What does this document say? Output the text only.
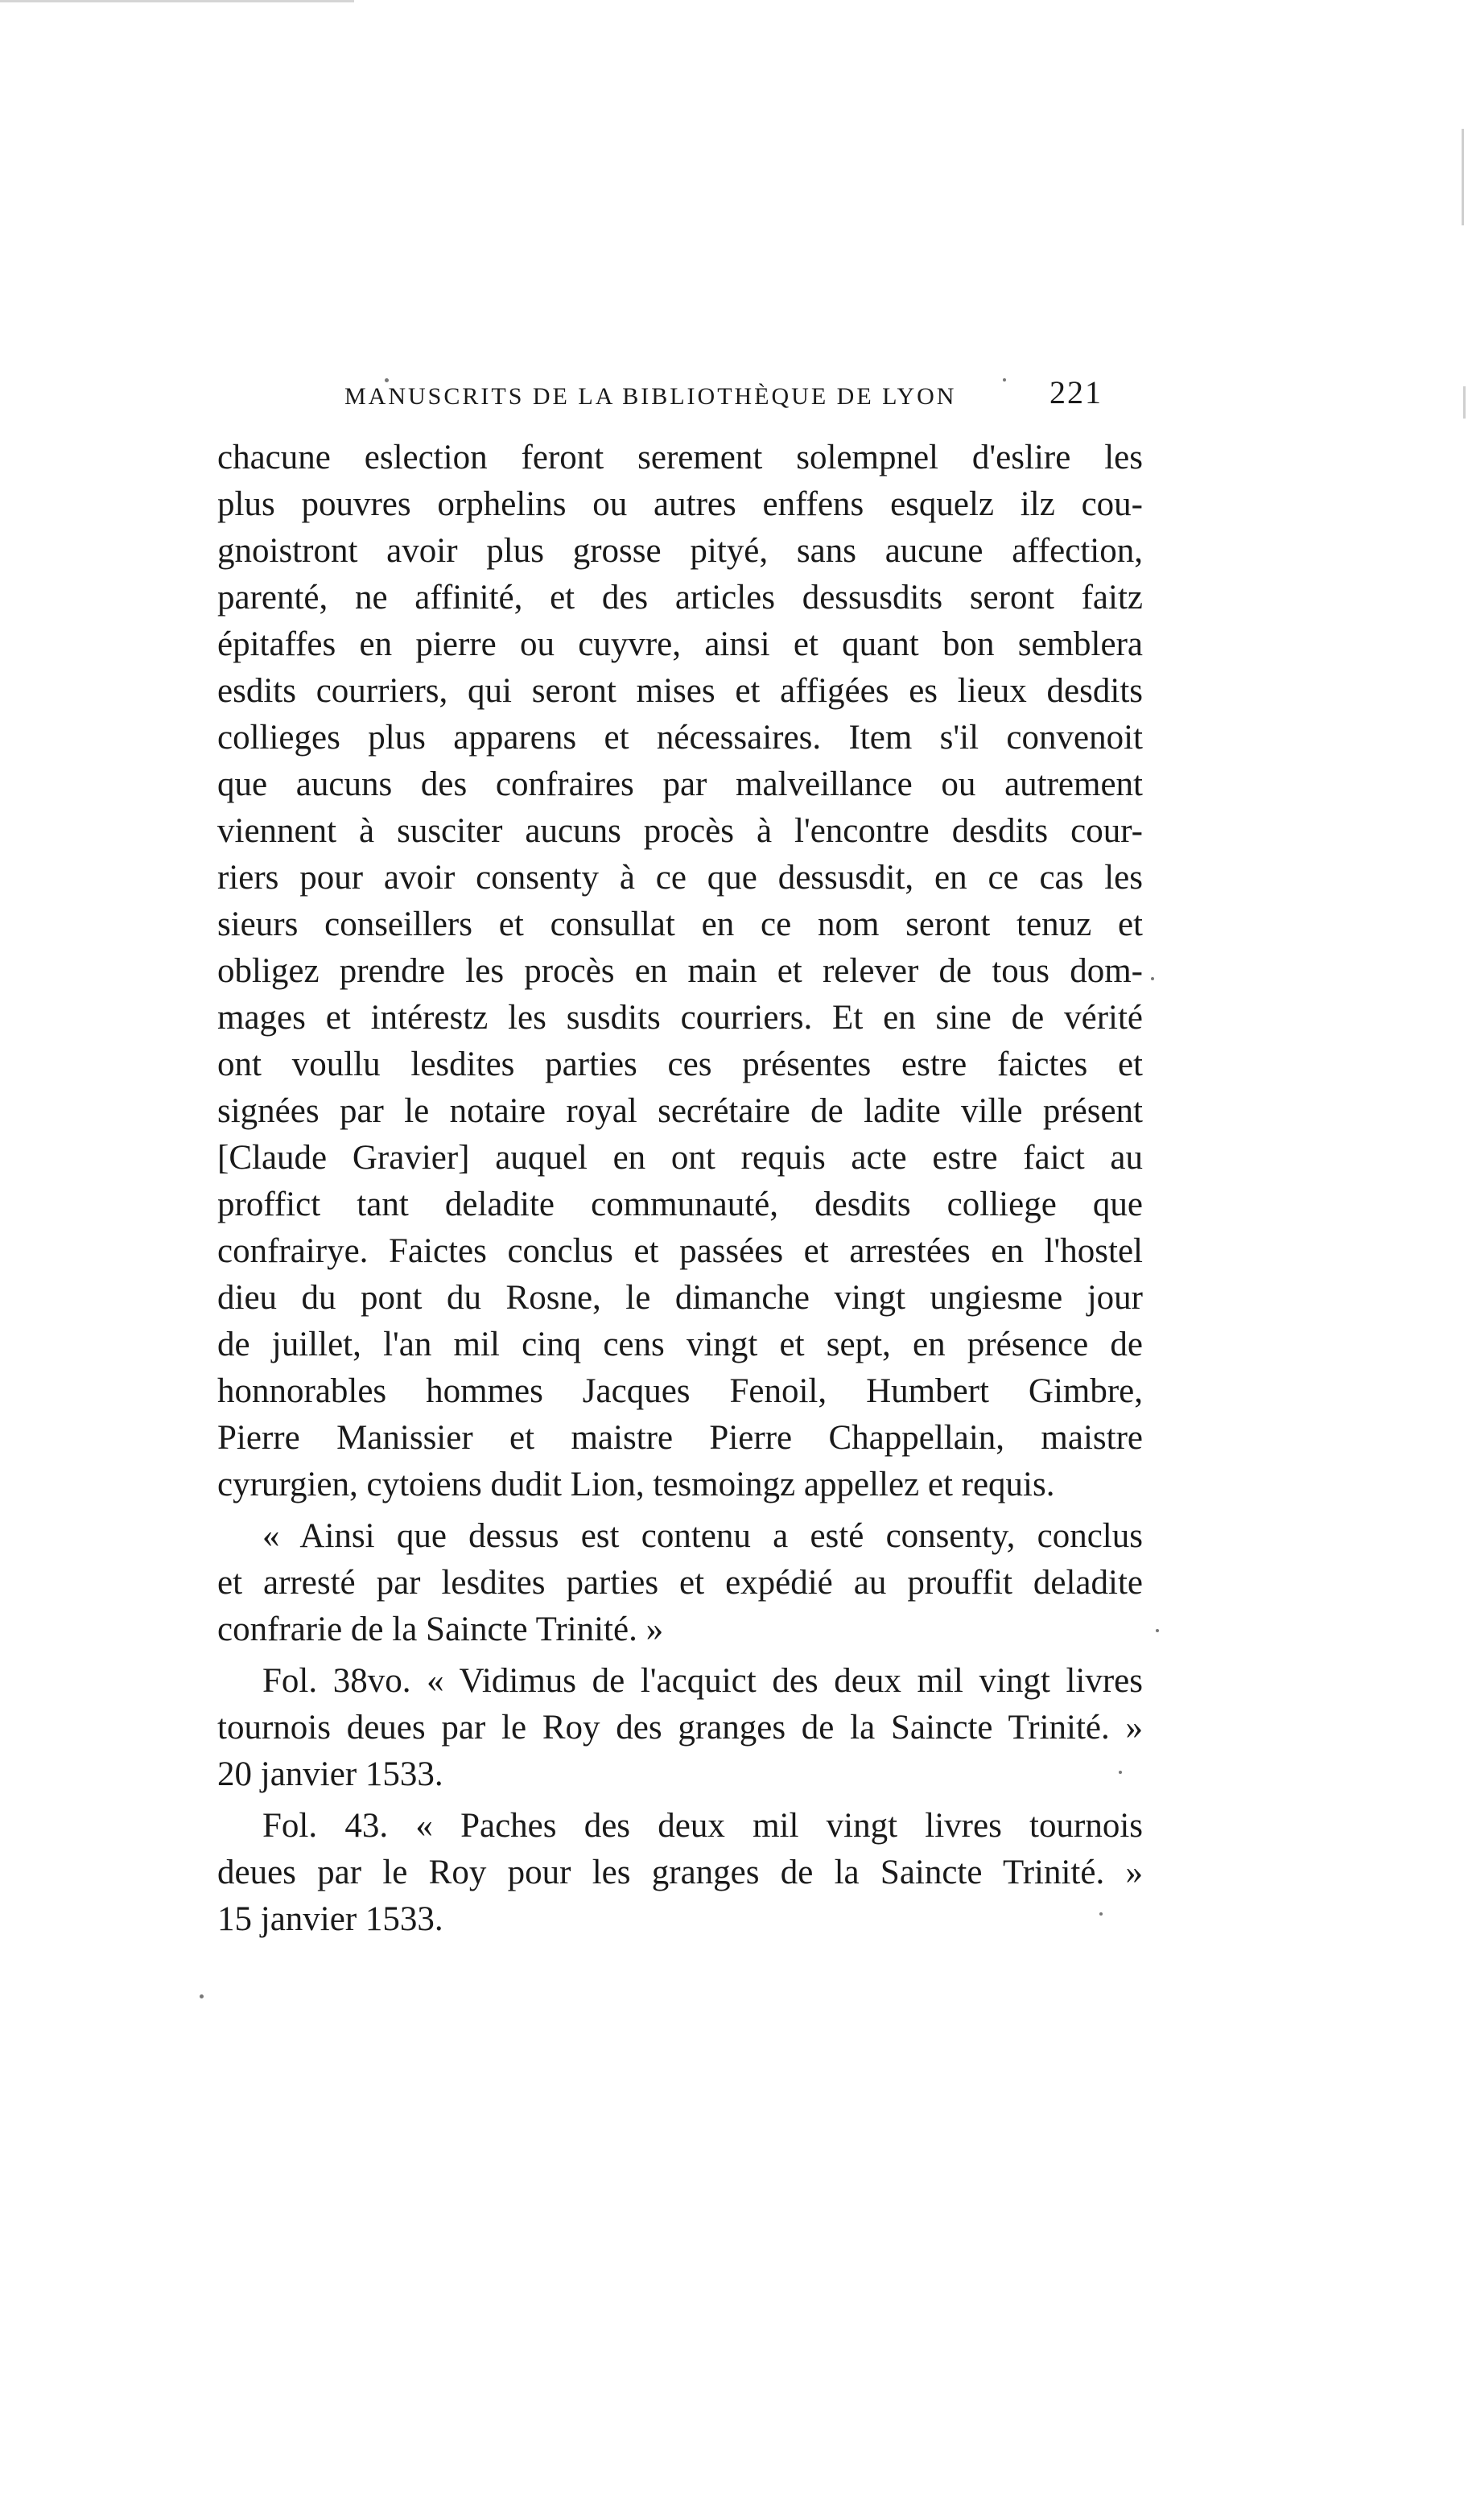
MANUSCRITS DE LA BIBLIOTHÈQUE DE LYON	221
chacune eslection feront serement solempnel d'eslire les
plus pouvres orphelins ou autres enffens esquelz ilz cou-
gnoistront avoir plus grosse pityé, sans aucune affection,
parenté, ne affinité, et des articles dessusdits seront faitz
épitaffes en pierre ou cuyvre, ainsi et quant bon semblera
esdits courriers, qui seront mises et affigées es lieux desdits
collieges plus apparens et nécessaires. Item s'il convenoit
que aucuns des confraires par malveillance ou autrement
viennent à susciter aucuns procès à l'encontre desdits cour-
riers pour avoir consenty à ce que dessusdit, en ce cas les
sieurs conseillers et consullat en ce nom seront tenuz et
obligez prendre les procès en main et relever de tous dom-
mages et intérestz les susdits courriers. Et en sine de vérité
ont voullu lesdites parties ces présentes estre faictes et
signées par le notaire royal secrétaire de ladite ville présent
[Claude Gravier] auquel en ont requis acte estre faict au
proffict tant deladite communauté, desdits colliege que
confrairye. Faictes conclus et passées et arrestées en l'hostel
dieu du pont du Rosne, le dimanche vingt ungiesme jour
de juillet, l'an mil cinq cens vingt et sept, en présence de
honnorables hommes Jacques Fenoil, Humbert Gimbre,
Pierre Manissier et maistre Pierre Chappellain, maistre
cyrurgien, cytoiens dudit Lion, tesmoingz appellez et requis.
« Ainsi que dessus est contenu a esté consenty, conclus
et arresté par lesdites parties et expédié au prouffit deladite
confrarie de la Saincte Trinité. »
Fol. 38vo. « Vidimus de l'acquict des deux mil vingt livres
tournois deues par le Roy des granges de la Saincte Trinité. »
20 janvier 1533.
Fol. 43. « Paches des deux mil vingt livres tournois
deues par le Roy pour les granges de la Saincte Trinité. »
15 janvier 1533.
